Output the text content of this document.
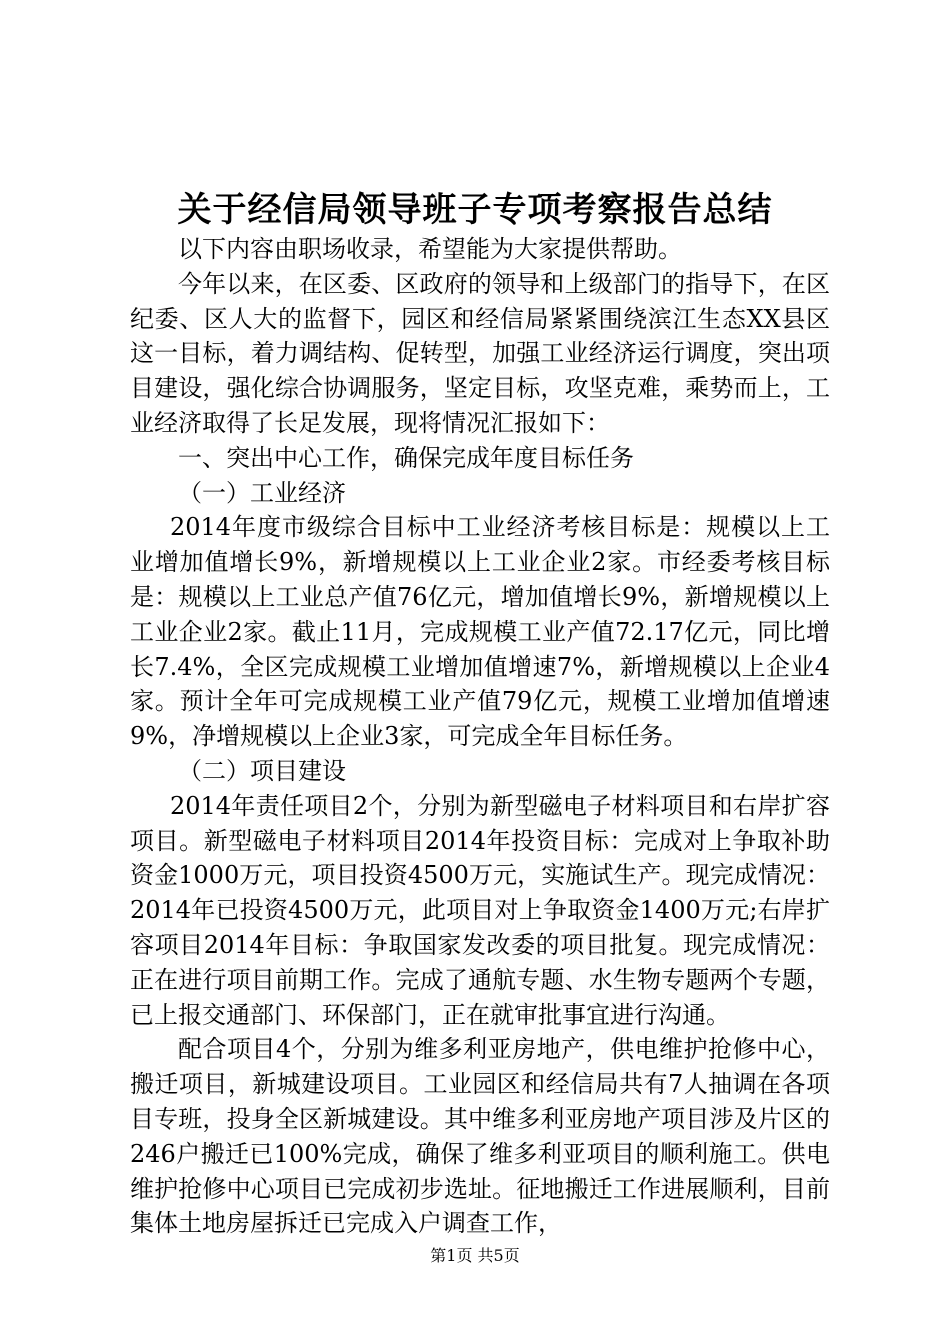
关于经信局领导班子专项考察报告总结

以下内容由职场收录，希望能为大家提供帮助。

今年以来，在区委、区政府的领导和上级部门的指导下，在区纪委、区人大的监督下，园区和经信局紧紧围绕滨江生态XX县区这一目标，着力调结构、促转型，加强工业经济运行调度，突出项目建设，强化综合协调服务，坚定目标，攻坚克难，乘势而上，工业经济取得了长足发展，现将情况汇报如下：

一、突出中心工作，确保完成年度目标任务

（一）工业经济

2014年度市级综合目标中工业经济考核目标是：规模以上工业增加值增长9%，新增规模以上工业企业2家。市经委考核目标是：规模以上工业总产值76亿元，增加值增长9%，新增规模以上工业企业2家。截止11月，完成规模工业产值72.17亿元，同比增长7.4%，全区完成规模工业增加值增速7%，新增规模以上企业4家。预计全年可完成规模工业产值79亿元，规模工业增加值增速9%，净增规模以上企业3家，可完成全年目标任务。

（二）项目建设

2014年责任项目2个，分别为新型磁电子材料项目和右岸扩容项目。新型磁电子材料项目2014年投资目标：完成对上争取补助资金1000万元，项目投资4500万元，实施试生产。现完成情况：2014年已投资4500万元，此项目对上争取资金1400万元;右岸扩容项目2014年目标：争取国家发改委的项目批复。现完成情况：正在进行项目前期工作。完成了通航专题、水生物专题两个专题，已上报交通部门、环保部门，正在就审批事宜进行沟通。

配合项目4个，分别为维多利亚房地产，供电维护抢修中心，搬迁项目，新城建设项目。工业园区和经信局共有7人抽调在各项目专班，投身全区新城建设。其中维多利亚房地产项目涉及片区的246户搬迁已100%完成，确保了维多利亚项目的顺利施工。供电维护抢修中心项目已完成初步选址。征地搬迁工作进展顺利，目前集体土地房屋拆迁已完成入户调查工作，

第1页 共5页
